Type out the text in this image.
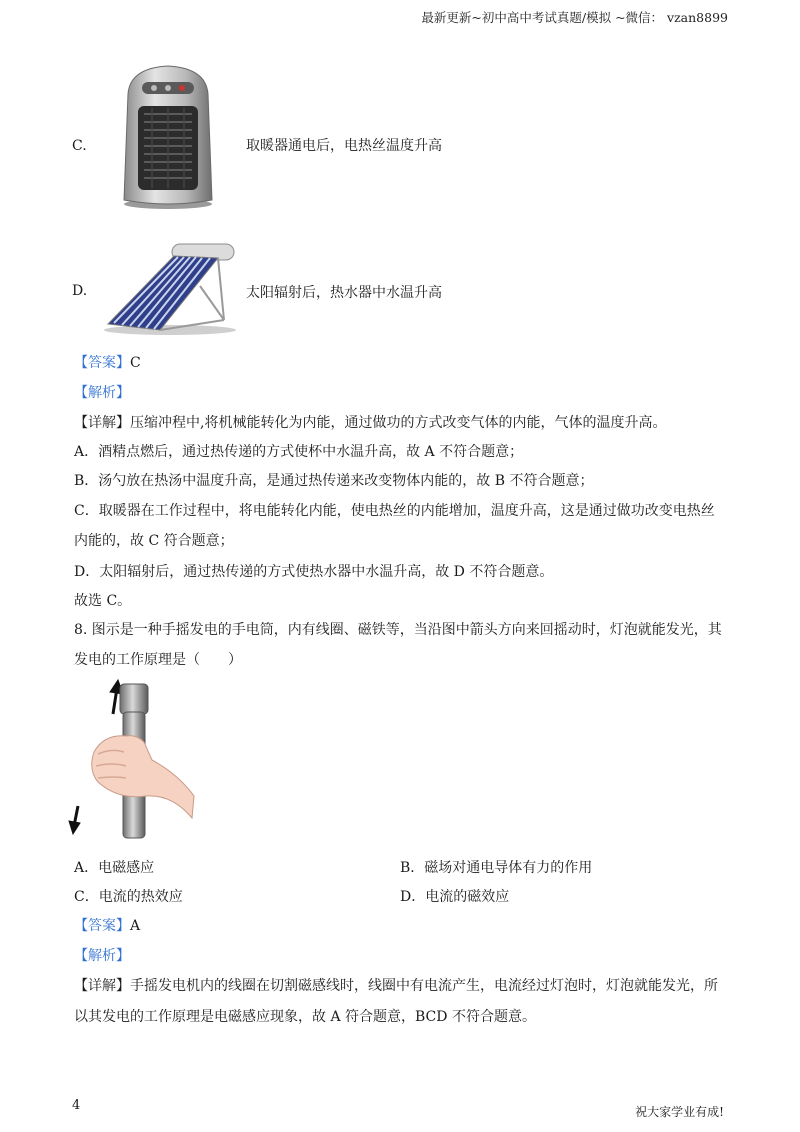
最新更新~初中高中考试真题/模拟 ~微信： vzan8899
C.	取暖器通电后，电热丝温度升高
D.	太阳辐射后，热水器中水温升高
【答案】C
【解析】
【详解】压缩冲程中,将机械能转化为内能，通过做功的方式改变气体的内能，气体的温度升高。
A．酒精点燃后，通过热传递的方式使杯中水温升高，故 A 不符合题意；
B．汤勺放在热汤中温度升高，是通过热传递来改变物体内能的，故 B 不符合题意；
C．取暖器在工作过程中，将电能转化内能，使电热丝的内能增加，温度升高，这是通过做功改变电热丝
内能的，故 C 符合题意；
D．太阳辐射后，通过热传递的方式使热水器中水温升高，故 D 不符合题意。
故选 C。
8. 图示是一种手摇发电的手电筒，内有线圈、磁铁等，当沿图中箭头方向来回摇动时，灯泡就能发光，其
发电的工作原理是（　　）
A．电磁感应	B．磁场对通电导体有力的作用
C．电流的热效应	D．电流的磁效应
【答案】A
【解析】
【详解】手摇发电机内的线圈在切割磁感线时，线圈中有电流产生，电流经过灯泡时，灯泡就能发光，所
以其发电的工作原理是电磁感应现象，故 A 符合题意，BCD 不符合题意。
4	祝大家学业有成!
